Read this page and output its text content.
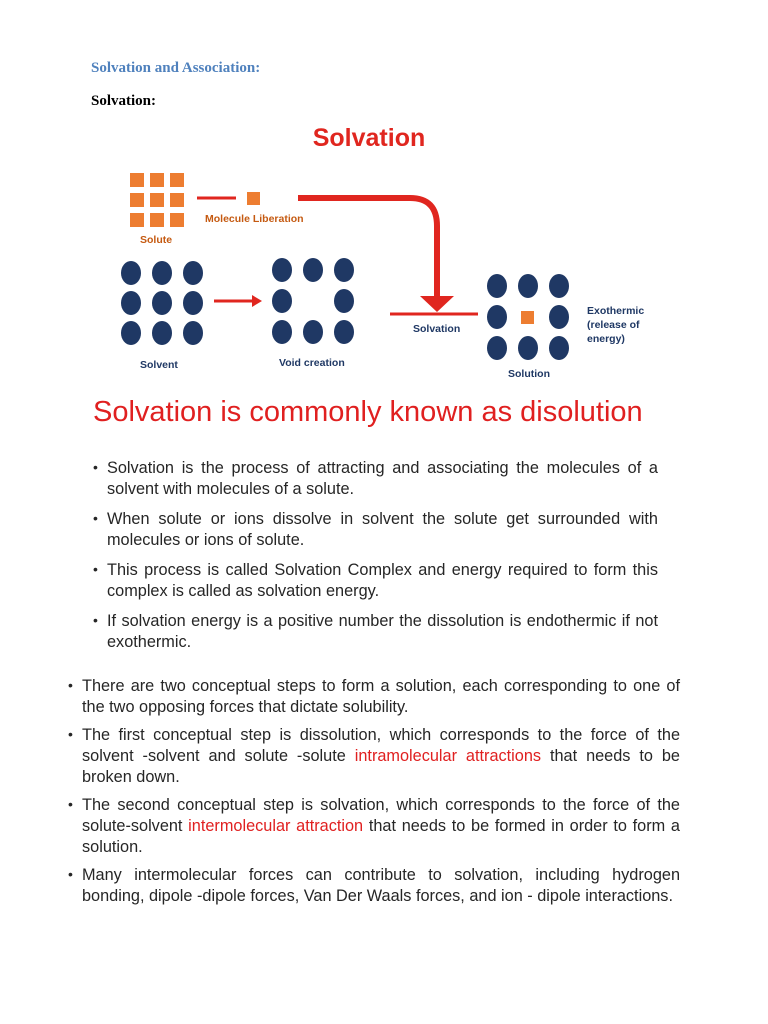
Solvation and Association:
Solvation:
Solvation
Solute
Molecule Liberation
Solvent	Void creation
Solvation
Solution
Exothermic
(release of
energy)
Solvation is commonly known as disolution
• Solvation is the process of attracting and associating the molecules of a solvent with molecules of a solute.
• When solute or ions dissolve in solvent the solute get surrounded with molecules or ions of solute.
• This process is called Solvation Complex and energy required to form this complex is called as solvation energy.
• If solvation energy is a positive number the dissolution is endothermic if not exothermic.
• There are two conceptual steps to form a solution, each corresponding to one of the two opposing forces that dictate solubility.
• The first conceptual step is dissolution, which corresponds to the force of the solvent -solvent and solute -solute intramolecular attractions that needs to be broken down.
• The second conceptual step is solvation, which corresponds to the force of the solute-solvent intermolecular attraction that needs to be formed in order to form a solution.
• Many intermolecular forces can contribute to solvation, including hydrogen bonding, dipole -dipole forces, Van Der Waals forces, and ion - dipole interactions.
